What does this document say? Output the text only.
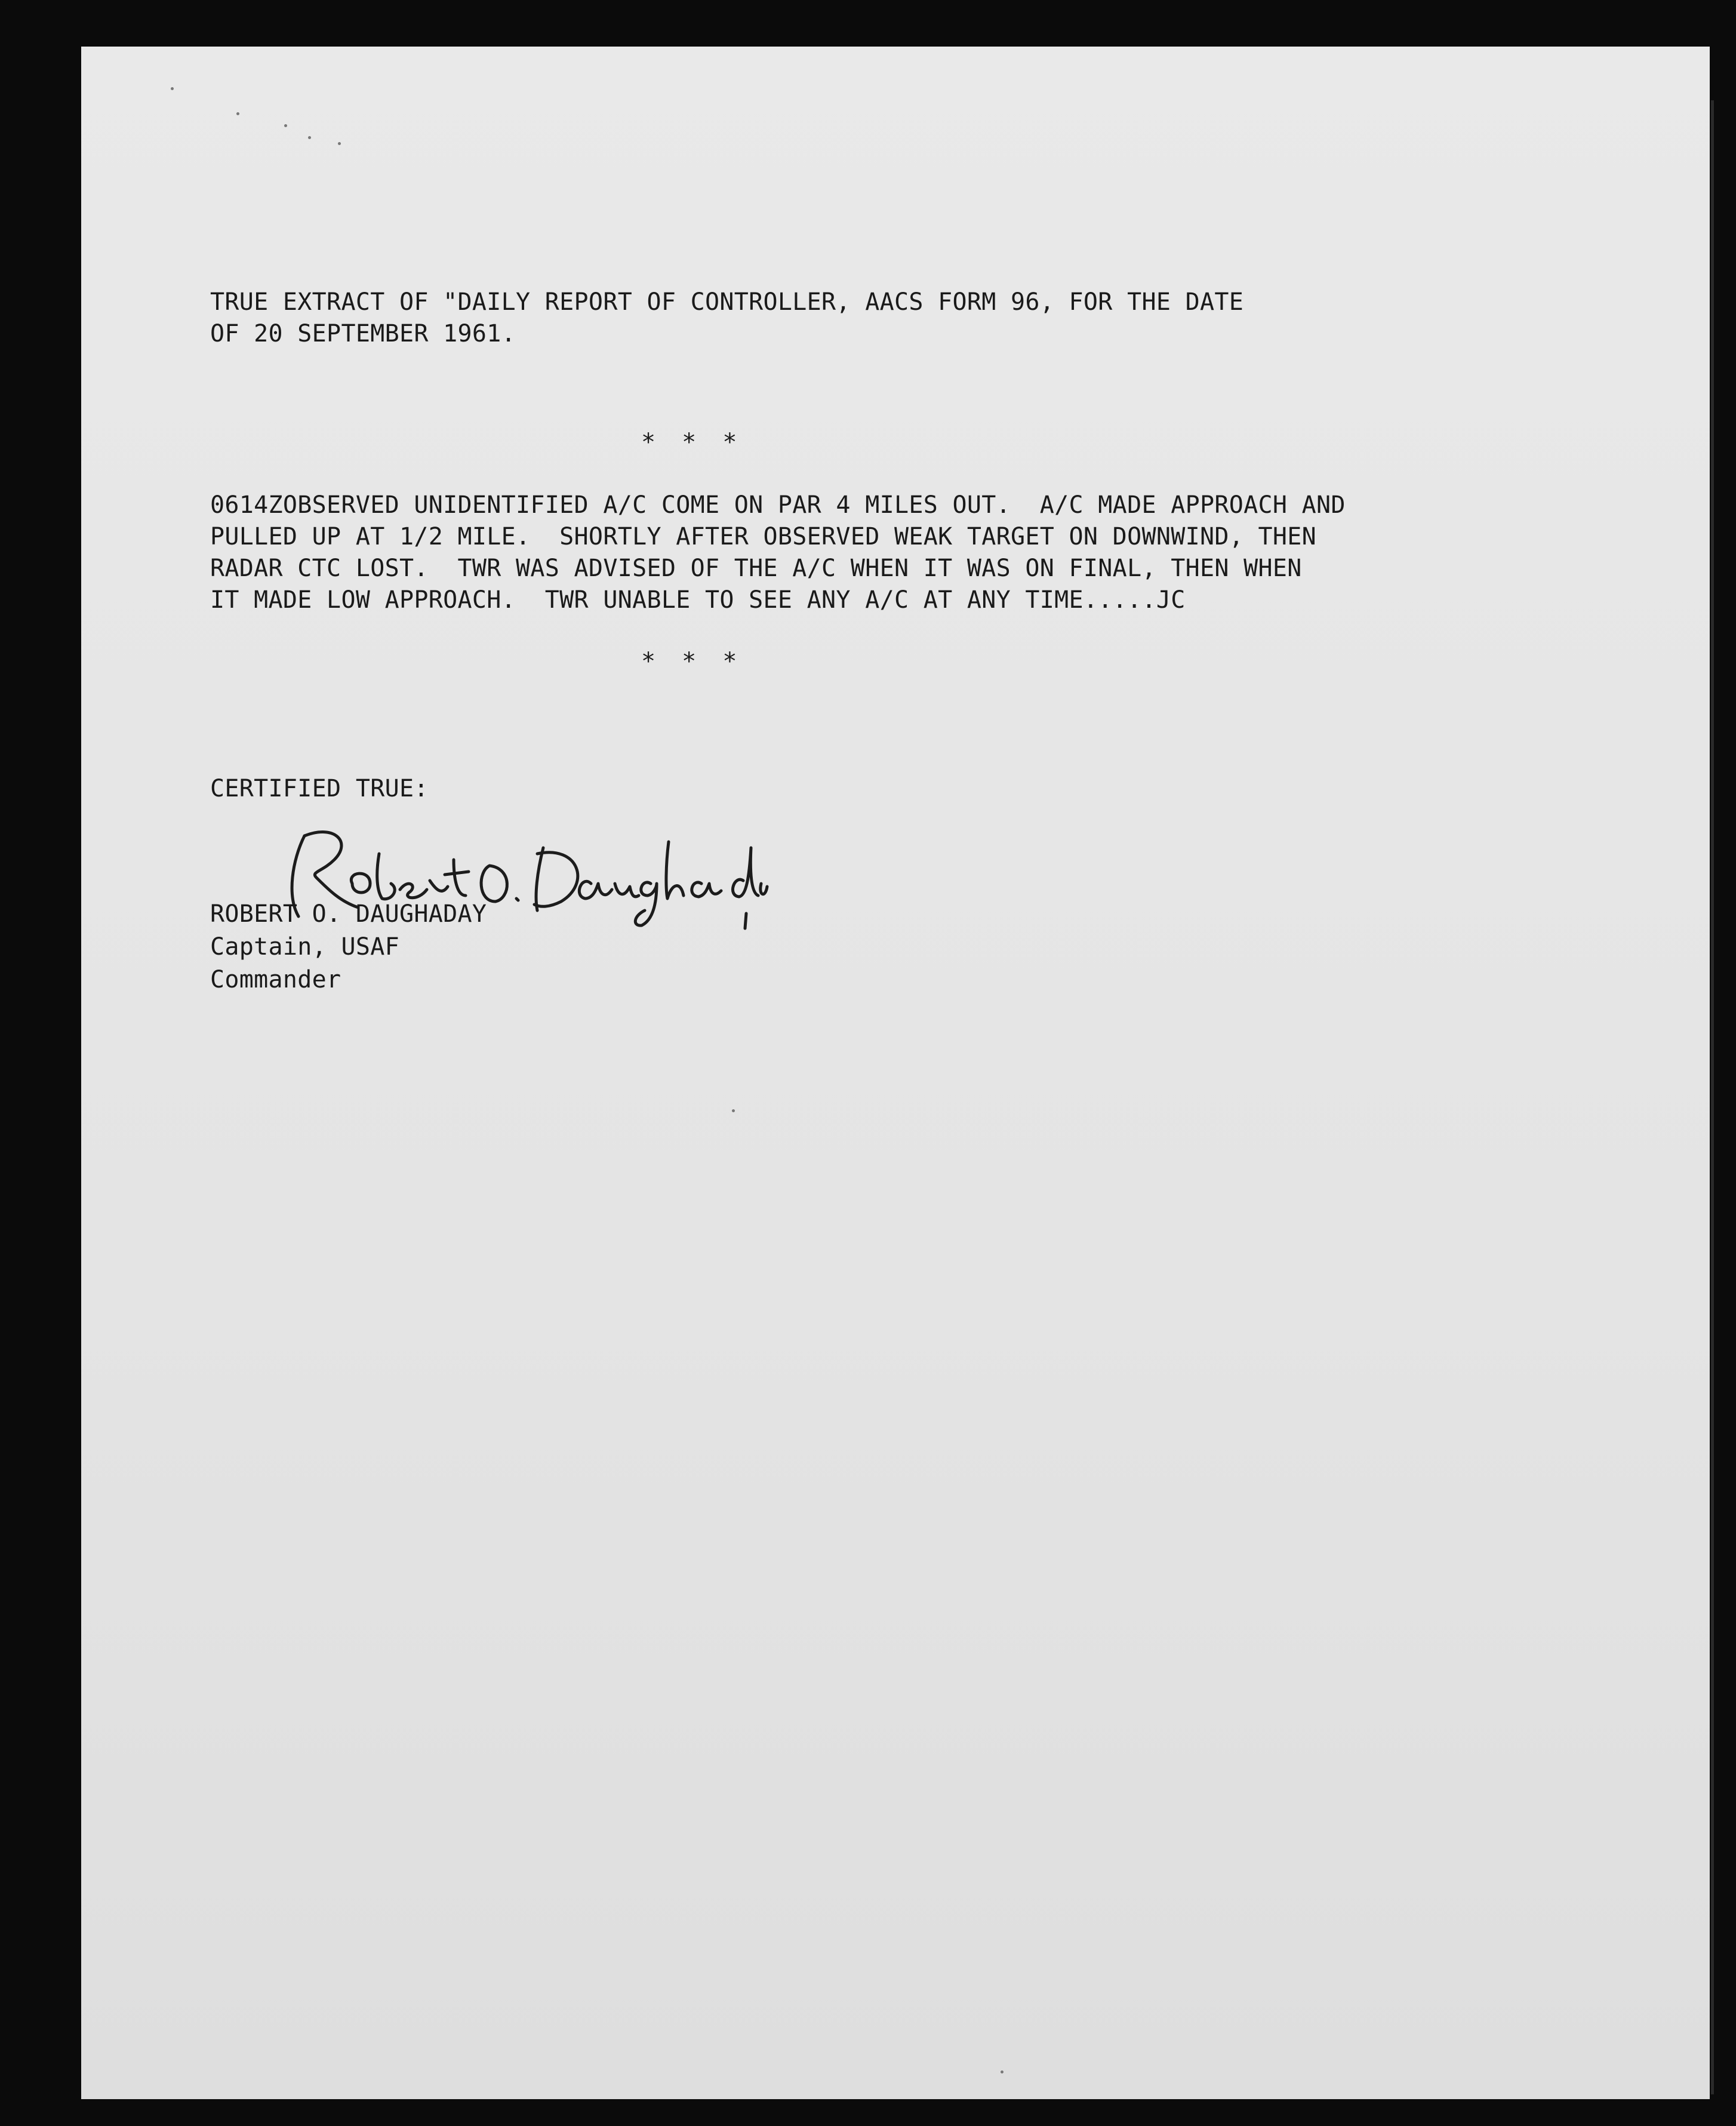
TRUE EXTRACT OF "DAILY REPORT OF CONTROLLER, AACS FORM 96, FOR THE DATE
OF 20 SEPTEMBER 1961.
* * *
0614ZOBSERVED UNIDENTIFIED A/C COME ON PAR 4 MILES OUT.  A/C MADE APPROACH AND
PULLED UP AT 1/2 MILE.  SHORTLY AFTER OBSERVED WEAK TARGET ON DOWNWIND, THEN
RADAR CTC LOST.  TWR WAS ADVISED OF THE A/C WHEN IT WAS ON FINAL, THEN WHEN
IT MADE LOW APPROACH.  TWR UNABLE TO SEE ANY A/C AT ANY TIME.....JC
* * *
CERTIFIED TRUE:
ROBERT O. DAUGHADAY
Captain, USAF
Commander
